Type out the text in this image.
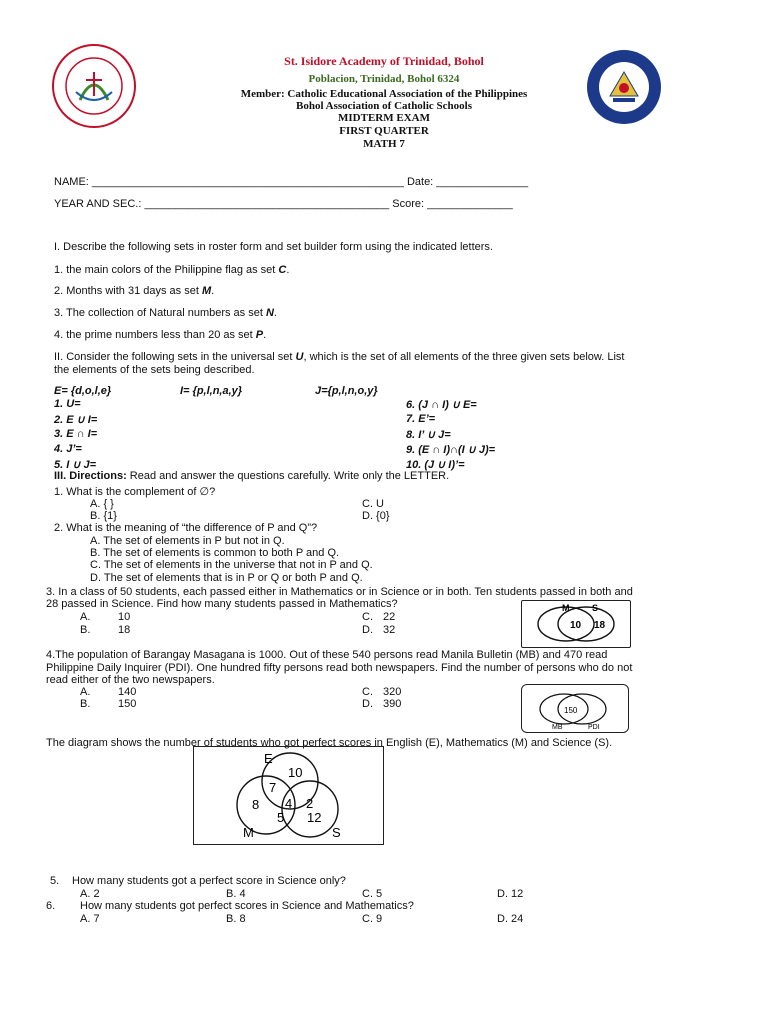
St. Isidore Academy of Trinidad, Bohol
Poblacion, Trinidad, Bohol 6324
Member: Catholic Educational Association of the Philippines
Bohol Association of Catholic Schools
MIDTERM EXAM
FIRST QUARTER
MATH 7
NAME: ___________________________________________________ Date: _______________
YEAR AND SEC.: ________________________________________ Score: ______________
I. Describe the following sets in roster form and set builder form using the indicated letters.
1. the main colors of the Philippine flag as set C.
2. Months with 31 days as set M.
3. The collection of Natural numbers as set N.
4. the prime numbers less than 20 as set P.
II. Consider the following sets in the universal set U, which is the set of all elements of the three given sets below. List
the elements of the sets being described.
E= {d,o,l,e}	I= {p,l,n,a,y}	J={p,l,n,o,y}
1. U=
2. E ∪ I=
3. E ∩ I=
4. J’=
5. I ∪ J=
6. (J ∩ I) ∪ E=
7. E’=
8. I’ ∪ J=
9. (E ∩ I)∩(I ∪ J)=
10. (J ∪ I)’=
III. Directions: Read and answer the questions carefully. Write only the LETTER.
1. What is the complement of ∅?
A. { }	C. U
B. {1}	D. {0}
2. What is the meaning of “the difference of P and Q”?
A. The set of elements in P but not in Q.
B. The set of elements is common to both P and Q.
C. The set of elements in the universe that not in P and Q.
D. The set of elements that is in P or Q or both P and Q.
3. In a class of 50 students, each passed either in Mathematics or in Science or in both. Ten students passed in both and
28 passed in Science. Find how many students passed in Mathematics?
A.	10	C. 22
B.	18	D. 32
M	S
10 18
4.The population of Barangay Masagana is 1000. Out of these 540 persons read Manila Bulletin (MB) and 470 read
Philippine Daily Inquirer (PDI). One hundred fifty persons read both newspapers. Find the number of persons who do not
read either of the two newspapers.
A.	140	C. 320
B.	150	D. 390
150
MB	PDI
The diagram shows the number of students who got perfect scores in English (E), Mathematics (M) and Science (S).
E
10
7
8 4 2
5 12
M	S
5. How many students got a perfect score in Science only?
A. 2	B. 4	C. 5	D. 12
6. How many students got perfect scores in Science and Mathematics?
A. 7	B. 8	C. 9	D. 24
